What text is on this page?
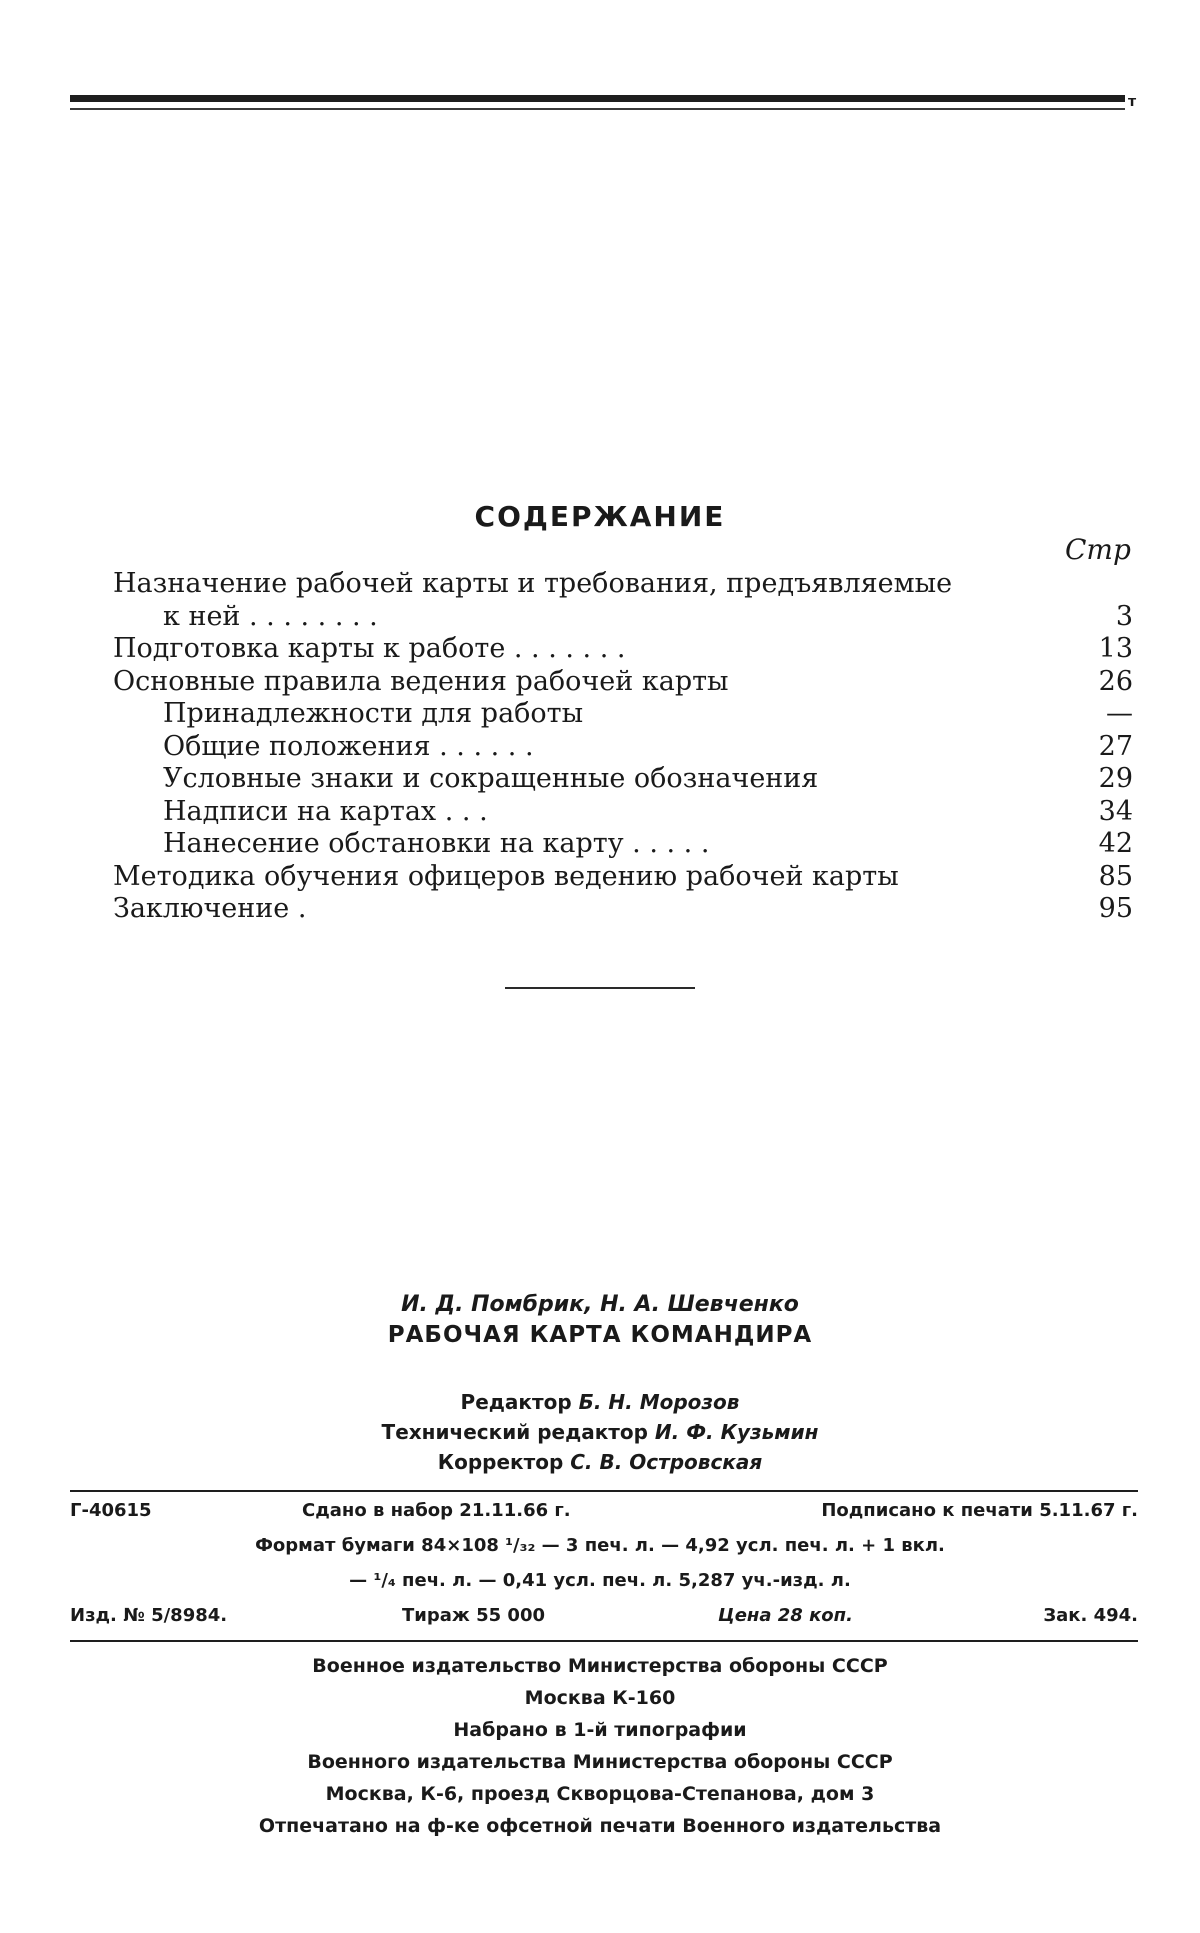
т
СОДЕРЖАНИЕ
Стр
Назначение рабочей карты и требования, предъявляемые
к ней . . . . . . . .	3
Подготовка карты к работе . . . . . . .	13
Основные правила ведения рабочей карты	26
Принадлежности для работы	—
Общие положения . . . . . .	27
Условные знаки и сокращенные обозначения	29
Надписи на картах . . .	34
Нанесение обстановки на карту . . . . .	42
Методика обучения офицеров ведению рабочей карты	85
Заключение .	95
И. Д. Помбрик, Н. А. Шевченко
РАБОЧАЯ КАРТА КОМАНДИРА
Редактор Б. Н. Морозов
Технический редактор И. Ф. Кузьмин
Корректор С. В. Островская
Г-40615	Сдано в набор 21.11.66 г.	Подписано к печати 5.11.67 г.
Формат бумаги 84×108 ¹/₃₂ — 3 печ. л. — 4,92 усл. печ. л. + 1 вкл.
— ¹/₄ печ. л. — 0,41 усл. печ. л. 5,287 уч.-изд. л.
Изд. № 5/8984.	Тираж 55 000	Цена 28 коп.	Зак. 494.
Военное издательство Министерства обороны СССР
Москва К-160
Набрано в 1-й типографии
Военного издательства Министерства обороны СССР
Москва, К-6, проезд Скворцова-Степанова, дом 3
Отпечатано на ф-ке офсетной печати Военного издательства
